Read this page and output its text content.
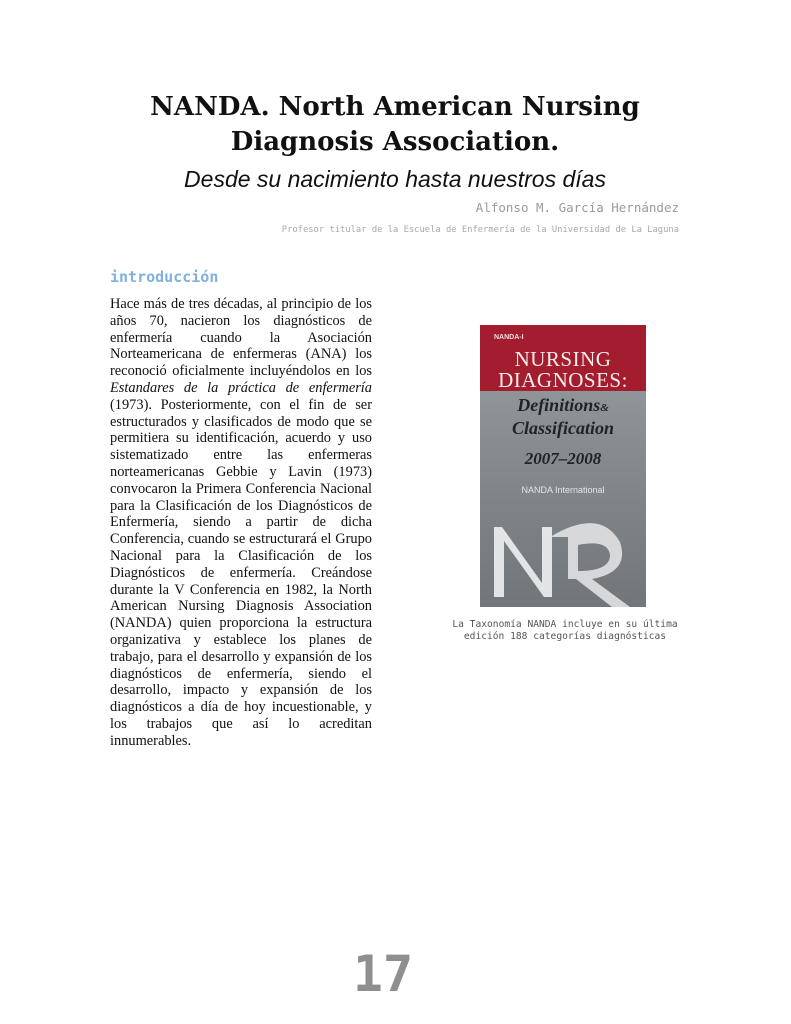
NANDA. North American Nursing
Diagnosis Association.
Desde su nacimiento hasta nuestros días
Alfonso M. García Hernández
Profesor titular de la Escuela de Enfermería de la Universidad de La Laguna
introducción
Hace más de tres décadas, al principio de los años 70, nacieron los diagnósticos de enfermería cuando la Asociación Norteamericana de enfermeras (ANA) los reconoció oficialmente incluyéndolos en los Estandares de la práctica de enfermería (1973). Posteriormente, con el fin de ser estructurados y clasificados de modo que se permitiera su identificación, acuerdo y uso sistematizado entre las enfermeras norteamericanas Gebbie y Lavin (1973) convocaron la Primera Conferencia Nacional para la Clasificación de los Diagnósticos de Enfermería, siendo a partir de dicha Conferencia, cuando se estructurará el Grupo Nacional para la Clasificación de los Diagnósticos de enfermería. Creándose durante la V Conferencia en 1982, la North American Nursing Diagnosis Association (NANDA) quien proporciona la estructura organizativa y establece los planes de trabajo, para el desarrollo y expansión de los diagnósticos de enfermería, siendo el desarrollo, impacto y expansión de los diagnósticos a día de hoy incuestionable, y los trabajos que así lo acreditan innumerables.
NANDA-I
NURSING
DIAGNOSES:
Definitions&
Classification
2007–2008
NANDA International
La Taxonomía NANDA incluye en su última
edición 188 categorías diagnósticas
17
